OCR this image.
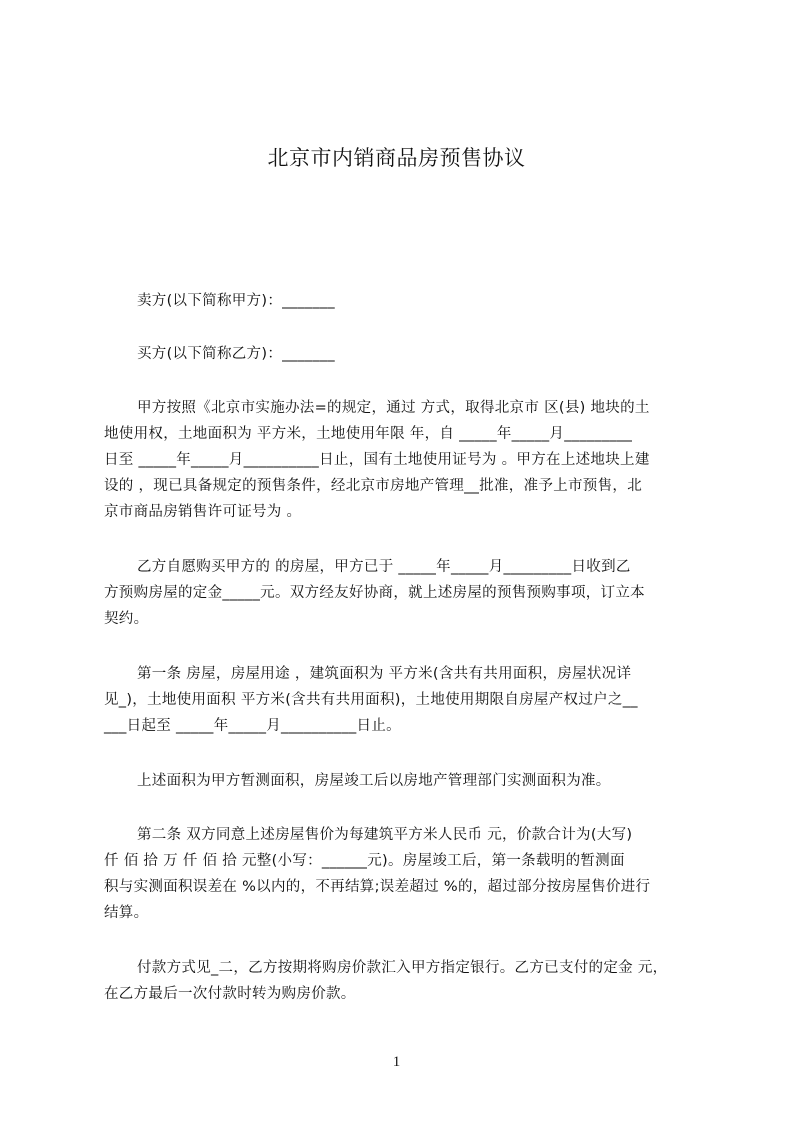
北京市内销商品房预售协议
卖方(以下简称甲方)：_______
买方(以下简称乙方)：_______
甲方按照《北京市实施办法=的规定，通过 方式，取得北京市 区(县) 地块的土
地使用权，土地面积为 平方米，土地使用年限 年，自 _____年_____月_________
日至 _____年_____月__________日止，国有土地使用证号为 。甲方在上述地块上建
设的 ，现已具备规定的预售条件，经北京市房地产管理__批准，准予上市预售，北
京市商品房销售许可证号为 。
乙方自愿购买甲方的 的房屋，甲方已于 _____年_____月_________日收到乙
方预购房屋的定金_____元。双方经友好协商，就上述房屋的预售预购事项，订立本
契约。
第一条 房屋，房屋用途 ，建筑面积为 平方米(含共有共用面积，房屋状况详
见_)，土地使用面积 平方米(含共有共用面积)，土地使用期限自房屋产权过户之__
___日起至 _____年_____月__________日止。
上述面积为甲方暂测面积，房屋竣工后以房地产管理部门实测面积为准。
第二条 双方同意上述房屋售价为每建筑平方米人民币 元，价款合计为(大写)
仟 佰 拾 万 仟 佰 拾 元整(小写：______元)。房屋竣工后，第一条载明的暂测面
积与实测面积误差在 %以内的，不再结算;误差超过 %的，超过部分按房屋售价进行
结算。
付款方式见_二，乙方按期将购房价款汇入甲方指定银行。乙方已支付的定金 元，
在乙方最后一次付款时转为购房价款。
1
